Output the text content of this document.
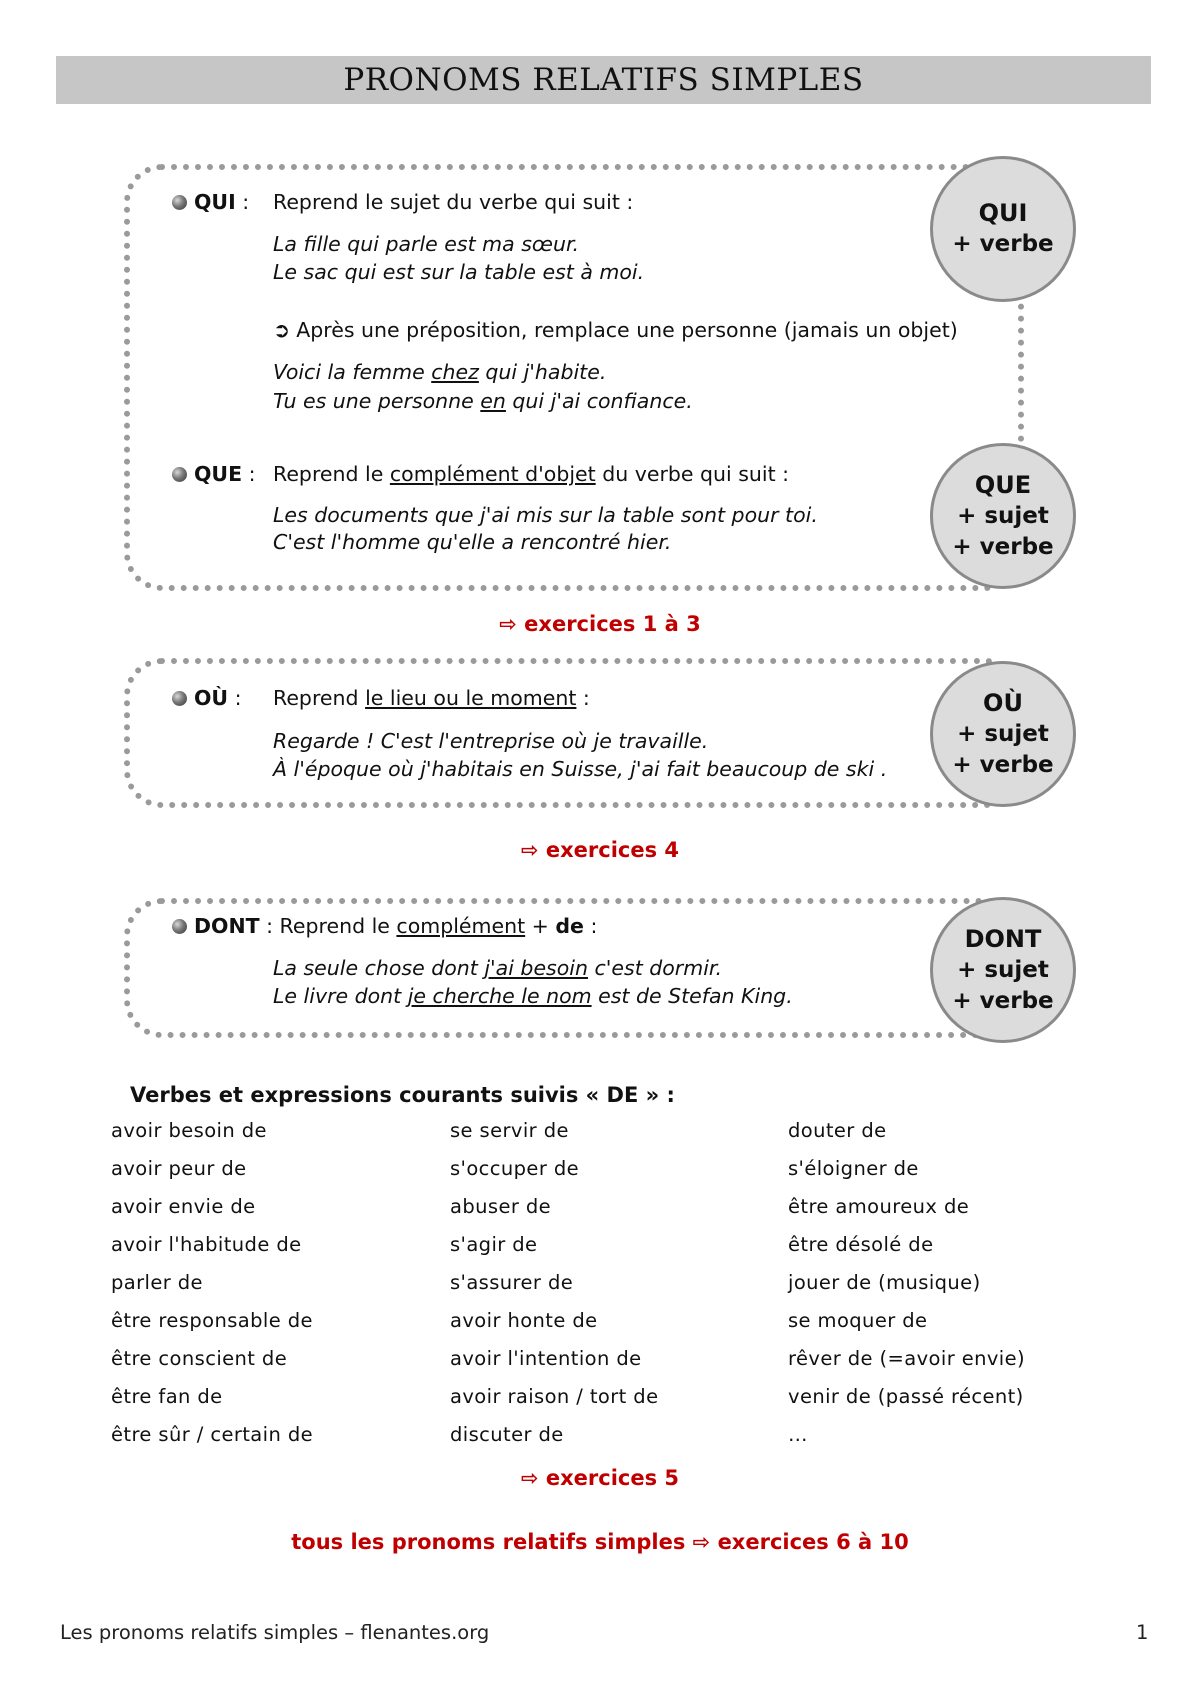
PRONOMS RELATIFS SIMPLES
QUI : Reprend le sujet du verbe qui suit :
La fille qui parle est ma sœur.
Le sac qui est sur la table est à moi.
➲ Après une préposition, remplace une personne (jamais un objet)
Voici la femme chez qui j'habite.
Tu es une personne en qui j'ai confiance.
QUE : Reprend le complément d'objet du verbe qui suit :
Les documents que j'ai mis sur la table sont pour toi.
C'est l'homme qu'elle a rencontré hier.
QUI
+ verbe
QUE
+ sujet
+ verbe
⇨ exercices 1 à 3
OÙ : Reprend le lieu ou le moment :
Regarde ! C'est l'entreprise où je travaille.
À l'époque où j'habitais en Suisse, j'ai fait beaucoup de ski .
OÙ
+ sujet
+ verbe
⇨ exercices 4
DONT : Reprend le complément + de :
La seule chose dont j'ai besoin c'est dormir.
Le livre dont je cherche le nom est de Stefan King.
DONT
+ sujet
+ verbe
Verbes et expressions courants suivis « DE » :
avoir besoin de
avoir peur de
avoir envie de
avoir l'habitude de
parler de
être responsable de
être conscient de
être fan de
être sûr / certain de
se servir de
s'occuper de
abuser de
s'agir de
s'assurer de
avoir honte de
avoir l'intention de
avoir raison / tort de
discuter de
douter de
s'éloigner de
être amoureux de
être désolé de
jouer de (musique)
se moquer de
rêver de (=avoir envie)
venir de (passé récent)
…
⇨ exercices 5
tous les pronoms relatifs simples ⇨ exercices 6 à 10
Les pronoms relatifs simples – flenantes.org	1
